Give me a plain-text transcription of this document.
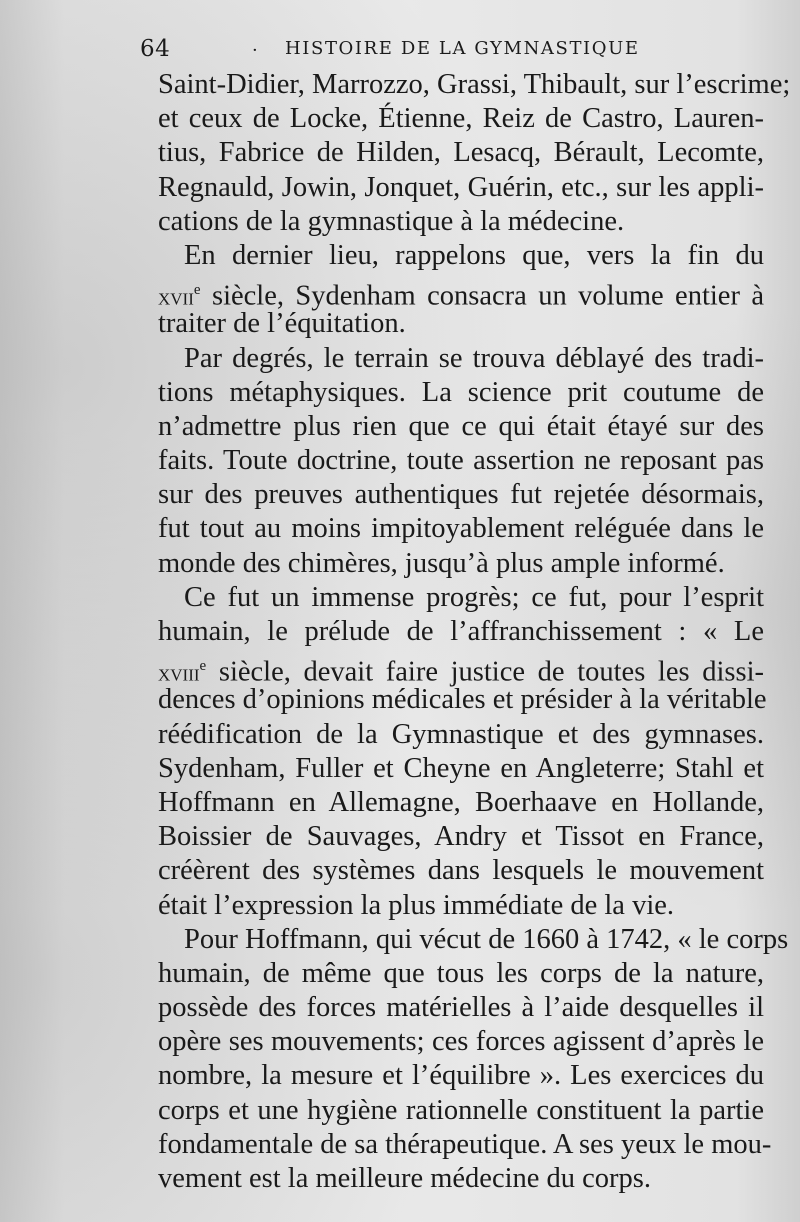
64	· HISTOIRE DE LA GYMNASTIQUE
Saint-Didier, Marrozzo, Grassi, Thibault, sur l’escrime;
et ceux de Locke, Étienne, Reiz de Castro, Lauren-
tius, Fabrice de Hilden, Lesacq, Bérault, Lecomte,
Regnauld, Jowin, Jonquet, Guérin, etc., sur les appli-
cations de la gymnastique à la médecine.
En dernier lieu, rappelons que, vers la fin du
xvii$^e$ siècle, Sydenham consacra un volume entier à
traiter de l’équitation.
Par degrés, le terrain se trouva déblayé des tradi-
tions métaphysiques. La science prit coutume de
n’admettre plus rien que ce qui était étayé sur des
faits. Toute doctrine, toute assertion ne reposant pas
sur des preuves authentiques fut rejetée désormais,
fut tout au moins impitoyablement reléguée dans le
monde des chimères, jusqu’à plus ample informé.
Ce fut un immense progrès; ce fut, pour l’esprit
humain, le prélude de l’affranchissement : « Le
xviii$^e$ siècle, devait faire justice de toutes les dissi-
dences d’opinions médicales et présider à la véritable
réédification de la Gymnastique et des gymnases.
Sydenham, Fuller et Cheyne en Angleterre; Stahl et
Hoffmann en Allemagne, Boerhaave en Hollande,
Boissier de Sauvages, Andry et Tissot en France,
créèrent des systèmes dans lesquels le mouvement
était l’expression la plus immédiate de la vie.
Pour Hoffmann, qui vécut de 1660 à 1742, « le corps
humain, de même que tous les corps de la nature,
possède des forces matérielles à l’aide desquelles il
opère ses mouvements; ces forces agissent d’après le
nombre, la mesure et l’équilibre ». Les exercices du
corps et une hygiène rationnelle constituent la partie
fondamentale de sa thérapeutique. A ses yeux le mou-
vement est la meilleure médecine du corps.
